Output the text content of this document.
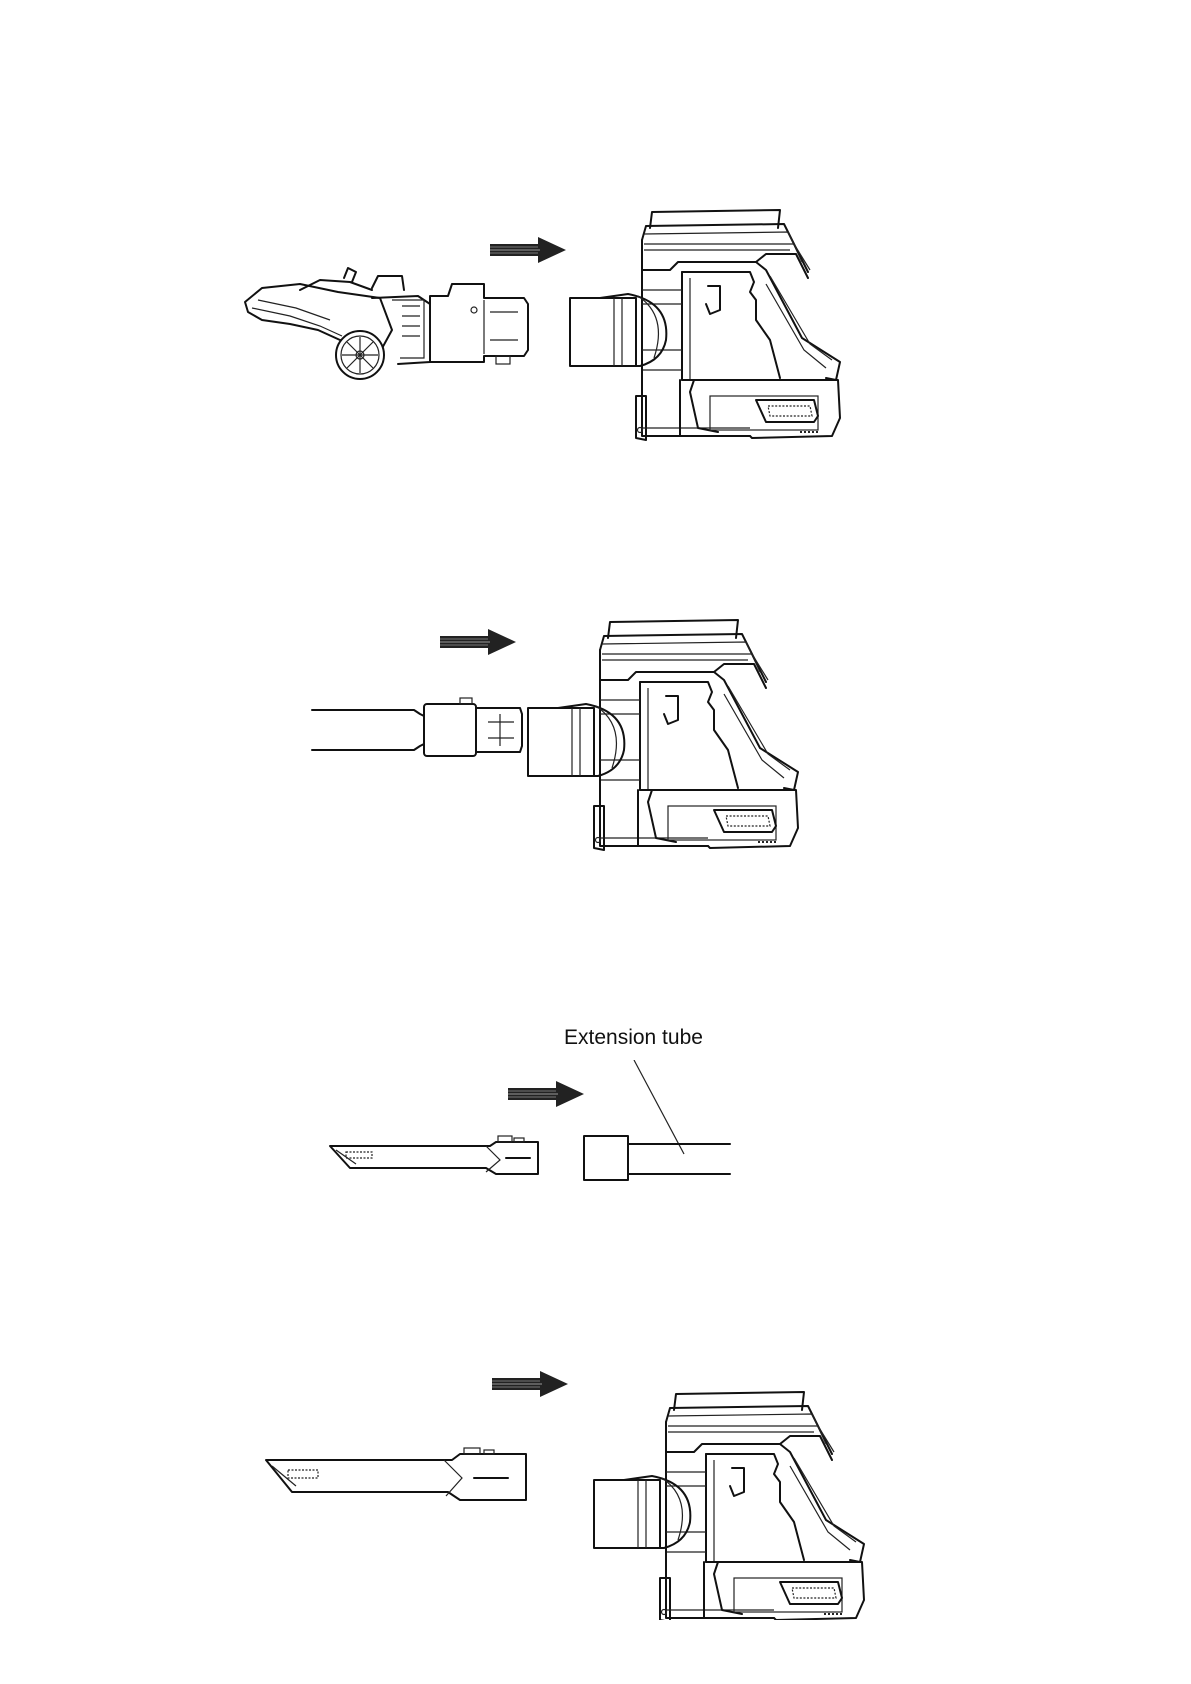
Extension tube
